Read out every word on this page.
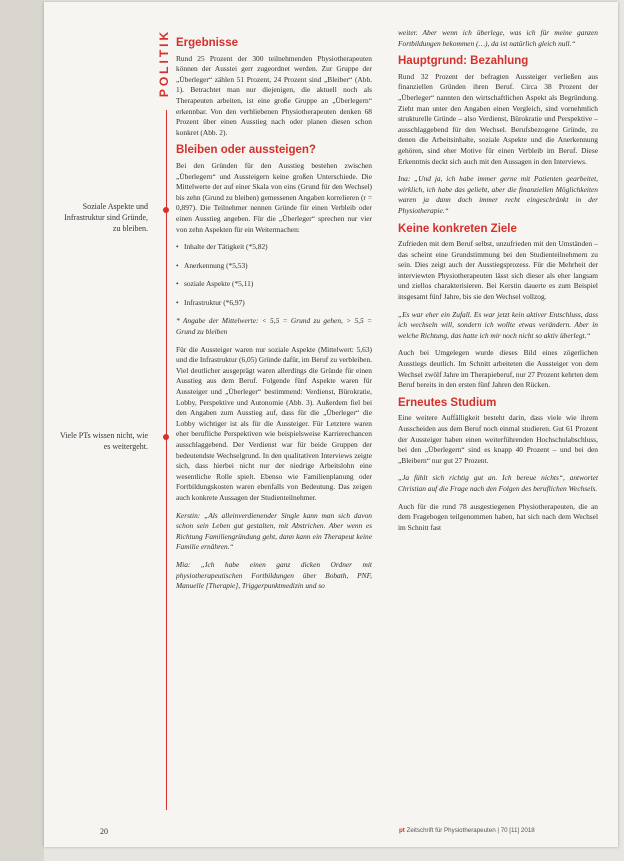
POLITIK
Soziale Aspekte und Infrastruktur sind Gründe, zu bleiben.
Viele PTs wissen nicht, wie es weitergeht.
Ergebnisse

Rund 25 Prozent der 300 teilnehmenden Physiotherapeuten können der Ausstei gerr zugeordnet werden. Zur Gruppe der „Überleger“ zählen 51 Prozent, 24 Prozent sind „Bleiber“ (Abb. 1). Betrachtet man nur diejenigen, die aktuell noch als Therapeuten arbeiten, ist eine große Gruppe an „Überlegern“ erkennbar. Von den verbliebenen Physiotherapeuten denken 68 Prozent über einen Ausstieg nach oder planen diesen schon konkret (Abb. 2).

Bleiben oder aussteigen?

Bei den Gründen für den Ausstieg bestehen zwischen „Überlegern“ und Aussteigern keine großen Unterschiede. Die Mittelwerte der auf einer Skala von eins (Grund für den Wechsel) bis zehn (Grund zu bleiben) gemessenen Angaben korrelieren (r = 0,897). Die Teilnehmer nennen Gründe für einen Verbleib oder einen Ausstieg angeben. Für die „Überleger“ sprechen nur vier von zehn Aspekten für ein Weitermachen:

• Inhalte der Tätigkeit (*5,82)
• Anerkennung (*5,53)
• soziale Aspekte (*5,11)
• Infrastruktur (*6,97)

* Angabe der Mittelwerte: < 5,5 = Grund zu gehen, > 5,5 = Grund zu bleiben

Für die Aussteiger waren nur soziale Aspekte (Mittelwert: 5,63) und die Infrastruktur (6,05) Gründe dafür, im Beruf zu verbleiben. Viel deutlicher ausgeprägt waren allerdings die Gründe für einen Ausstieg aus dem Beruf. Folgende fünf Aspekte waren für Aussteiger und „Überleger“ bestimmend: Verdienst, Bürokratie, Lobby, Perspektive und Autonomie (Abb. 3). Außerdem fiel bei den Angaben zum Ausstieg auf, dass für die „Überleger“ die Lobby wichtiger ist als für die Aussteiger. Für Letztere waren eher berufliche Perspektiven wie beispielsweise Karrierechancen ausschlaggebend. Der Verdienst war für beide Gruppen der bedeutendste Wechselgrund. In den qualitativen Interviews zeigte sich, dass hierbei nicht nur der niedrige Arbeitslohn eine wesentliche Rolle spielt. Ebenso wie Familienplanung oder Fortbildungskosten waren ebenfalls von Bedeutung. Das zeigen auch konkrete Aussagen der Studienteilnehmer.

Kerstin: „Als alleinverdienender Single kann man sich davon schon sein Leben gut gestalten, mit Abstrichen. Aber wenn es Richtung Familiengründung geht, dann kann ein Therapeut keine Familie ernähren.“

Mia: „Ich habe einen ganz dicken Ordner mit physiotherapeutischen Fortbildungen über Bobath, PNF, Manuelle [Therapie], Triggerpunktmedizin und so

weiter. Aber wenn ich überlege, was ich für meine ganzen Fortbildungen bekommen (…), da ist natürlich gleich null.“

Hauptgrund: Bezahlung

Rund 32 Prozent der befragten Aussteiger verließen aus finanziellen Gründen ihren Beruf. Circa 38 Prozent der „Überleger“ nannten den wirtschaftlichen Aspekt als Begründung. Zieht man unter den Angaben einen Vergleich, sind vornehmlich strukturelle Gründe – also Verdienst, Bürokratie und Perspektive – ausschlaggebend für den Wechsel. Berufsbezogene Gründe, zu denen die Arbeitsinhalte, soziale Aspekte und die Anerkennung gehören, sind eher Motive für einen Verbleib im Beruf. Diese Erkenntnis deckt sich auch mit den Aussagen in den Interviews.

Ina: „Und ja, ich habe immer gerne mit Patienten gearbeitet, wirklich, ich habe das geliebt, aber die finanziellen Möglichkeiten waren ja dann doch immer recht eingeschränkt in der Physiotherapie.“

Keine konkreten Ziele

Zufrieden mit dem Beruf selbst, unzufrieden mit den Umständen – das scheint eine Grundstimmung bei den Studienteilnehmern zu sein. Dies zeigt auch der Ausstiegsprozess. Für die Mehrheit der interviewten Physiotherapeuten lässt sich dieser als eher langsam und ziellos charakterisieren. Bei Kerstin dauerte es zum Beispiel insgesamt fünf Jahre, bis sie den Wechsel vollzog.

„Es war eher ein Zufall. Es war jetzt kein aktiver Entschluss, dass ich wechseln will, sondern ich wollte etwas verändern. Aber in welche Richtung, das hatte ich mir noch nicht so aktiv überlegt.“

Auch bei Umgelegen wurde dieses Bild eines zögerlichen Ausstiegs deutlich. Im Schnitt arbeiteten die Aussteiger von dem Wechsel zwölf Jahre im Therapieberuf, nur 27 Prozent kehrten dem Beruf bereits in den ersten fünf Jahren den Rücken.

Erneutes Studium

Eine weitere Auffälligkeit besteht darin, dass viele wie ihrem Ausscheiden aus dem Beruf noch einmal studieren. Gut 61 Prozent der Aussteiger haben einen weiterführenden Hochschulabschluss, bei den „Überlegern“ sind es knapp 40 Prozent – und bei den „Bleibern“ nur gut 27 Prozent.

„Ja fühlt sich richtig gut an. Ich bereue nichts“, antwortet Christian auf die Frage nach den Folgen des beruflichen Wechsels.

Auch für die rund 78 ausgestiegenen Physiotherapeuten, die an dem Fragebogen teilgenommen haben, hat sich nach dem Wechsel im Schnitt fast

20	pt Zeitschrift für Physiotherapeuten | 70 [11] 2018
